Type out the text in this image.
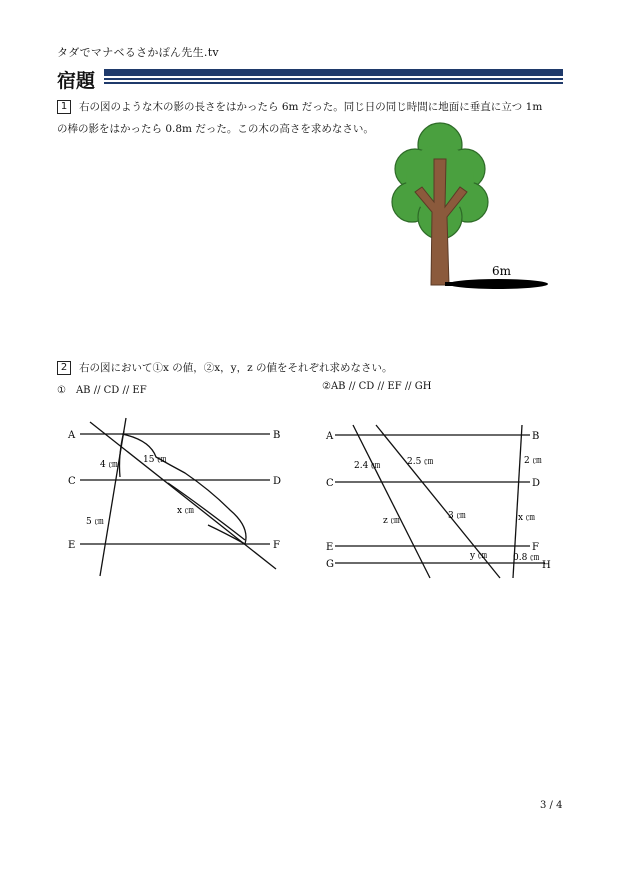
タダでマナベるさかぽん先生.tv
宿題
1 右の図のような木の影の長さをはかったら 6m だった。同じ日の同じ時間に地面に垂直に立つ 1m
の棒の影をはかったら 0.8m だった。この木の高さを求めなさい。
6m
2 右の図において①x の値，②x，y，z の値をそれぞれ求めなさい。
①　AB // CD // EF	②AB // CD // EF // GH
A	B
C	D
E	F
4 ㎝	15 ㎝
5 ㎝
x ㎝
A	B
C	D
E	F
G	H
2.4 ㎝	2.5 ㎝	2 ㎝
3 ㎝
z ㎝	x ㎝
y ㎝	0.8 ㎝
3 / 4
